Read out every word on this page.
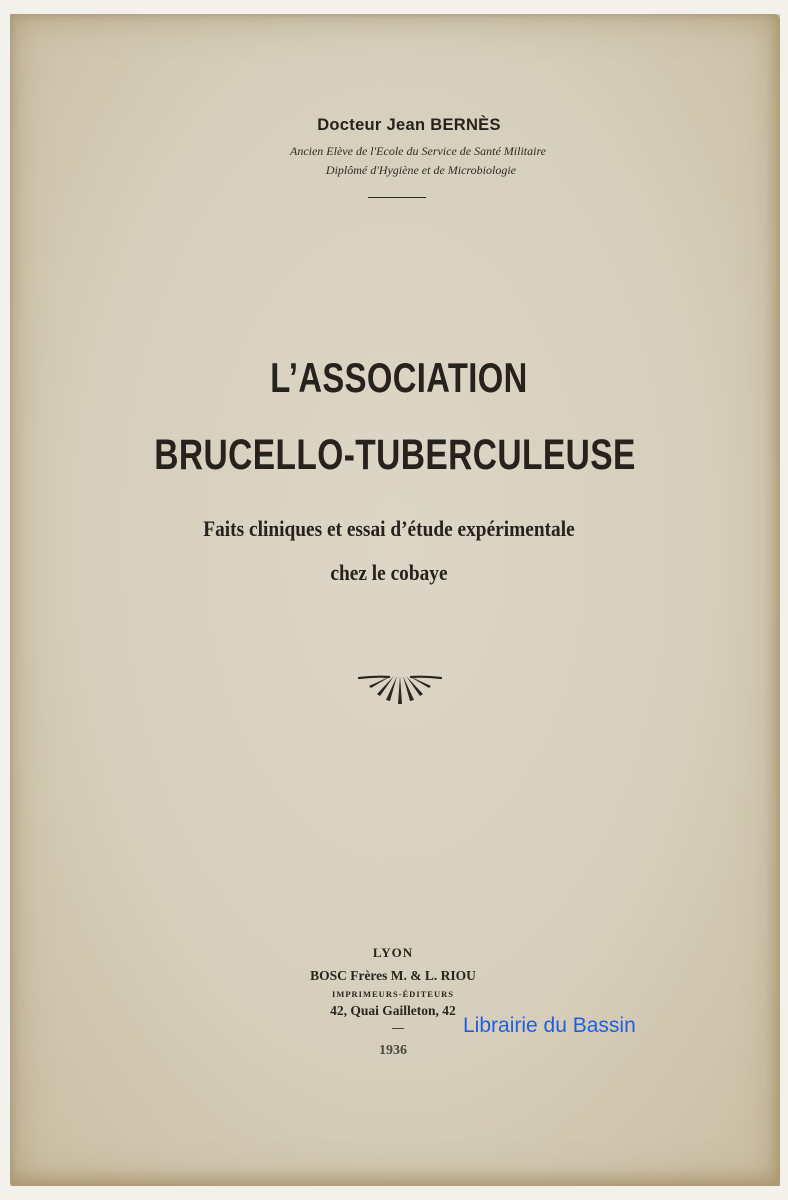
Docteur Jean BERNÈS
Ancien Elève de l'Ecole du Service de Santé Militaire
Diplômé d'Hygiène et de Microbiologie
L’ASSOCIATION
BRUCELLO-TUBERCULEUSE
Faits cliniques et essai d’étude expérimentale
chez le cobaye
LYON
BOSC Frères M. & L. RIOU
IMPRIMEURS-ÉDITEURS
42, Quai Gailleton, 42
1936
Librairie du Bassin
